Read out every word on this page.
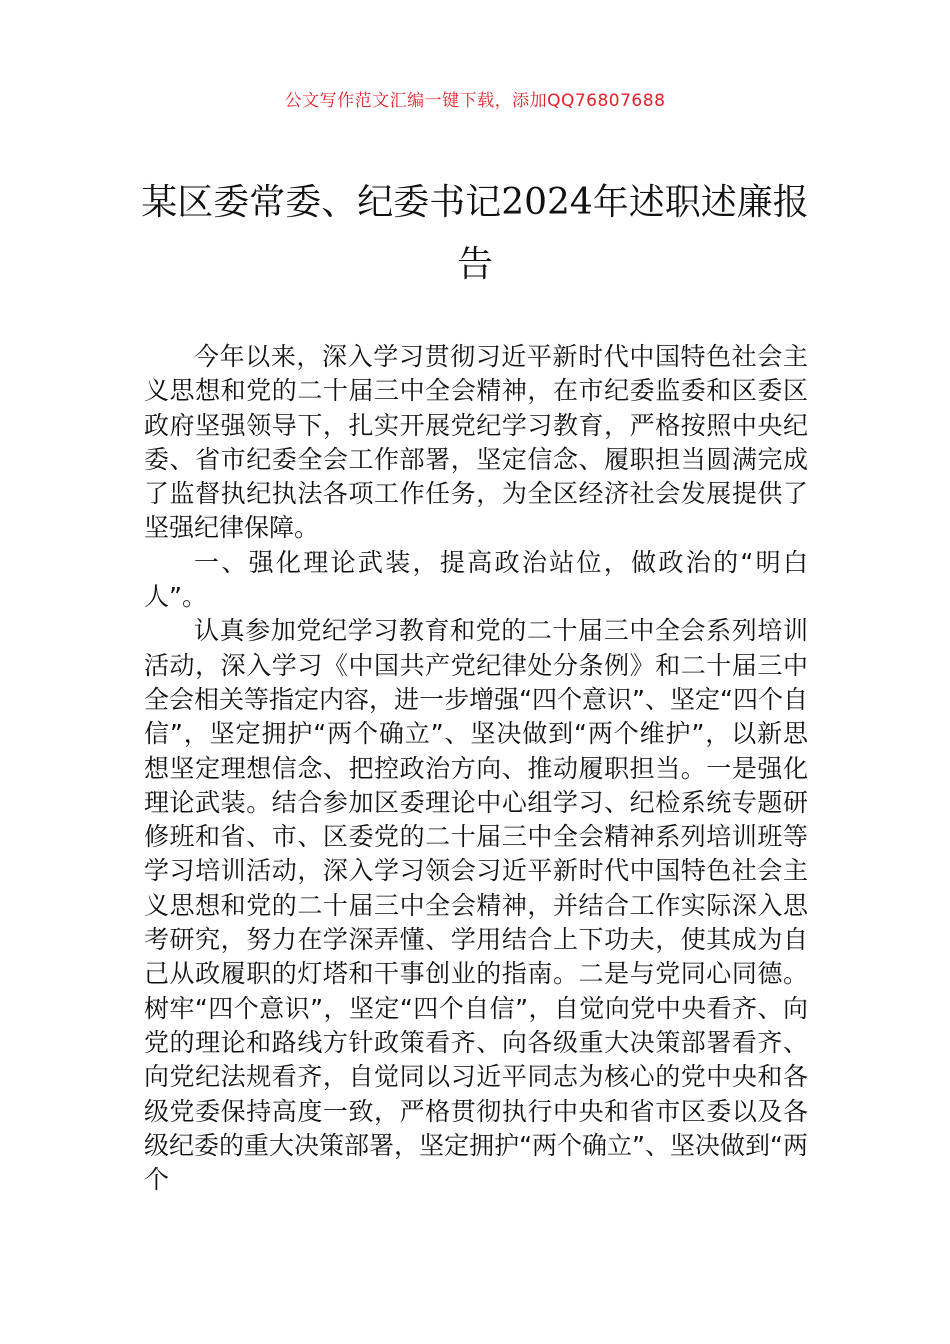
公文写作范文汇编一键下载，添加QQ76807688
某区委常委、纪委书记2024年述职述廉报告

今年以来，深入学习贯彻习近平新时代中国特色社会主义思想和党的二十届三中全会精神，在市纪委监委和区委区政府坚强领导下，扎实开展党纪学习教育，严格按照中央纪委、省市纪委全会工作部署，坚定信念、履职担当圆满完成了监督执纪执法各项工作任务，为全区经济社会发展提供了坚强纪律保障。

一、强化理论武装，提高政治站位，做政治的“明白人”。

认真参加党纪学习教育和党的二十届三中全会系列培训活动，深入学习《中国共产党纪律处分条例》和二十届三中全会相关等指定内容，进一步增强“四个意识”、坚定“四个自信”，坚定拥护“两个确立”、坚决做到“两个维护”，以新思想坚定理想信念、把控政治方向、推动履职担当。一是强化理论武装。结合参加区委理论中心组学习、纪检系统专题研修班和省、市、区委党的二十届三中全会精神系列培训班等学习培训活动，深入学习领会习近平新时代中国特色社会主义思想和党的二十届三中全会精神，并结合工作实际深入思考研究，努力在学深弄懂、学用结合上下功夫，使其成为自己从政履职的灯塔和干事创业的指南。二是与党同心同德。树牢“四个意识”，坚定“四个自信”，自觉向党中央看齐、向党的理论和路线方针政策看齐、向各级重大决策部署看齐、向党纪法规看齐，自觉同以习近平同志为核心的党中央和各级党委保持高度一致，严格贯彻执行中央和省市区委以及各级纪委的重大决策部署，坚定拥护“两个确立”、坚决做到“两个
